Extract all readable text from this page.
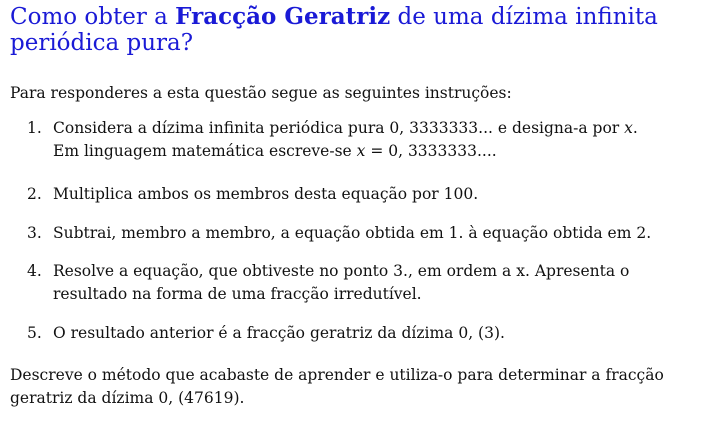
Como obter a Fracção Geratriz de uma dízima infinita
periódica pura?
Para responderes a esta questão segue as seguintes instruções:
1. Considera a dízima infinita periódica pura 0, 3333333... e designa-a por x.
Em linguagem matemática escreve-se x = 0, 3333333....
2. Multiplica ambos os membros desta equação por 100.
3. Subtrai, membro a membro, a equação obtida em 1. à equação obtida em 2.
4. Resolve a equação, que obtiveste no ponto 3., em ordem a x. Apresenta o
resultado na forma de uma fracção irredutível.
5. O resultado anterior é a fracção geratriz da dízima 0, (3).
Descreve o método que acabaste de aprender e utiliza-o para determinar a fracção
geratriz da dízima 0, (47619).
